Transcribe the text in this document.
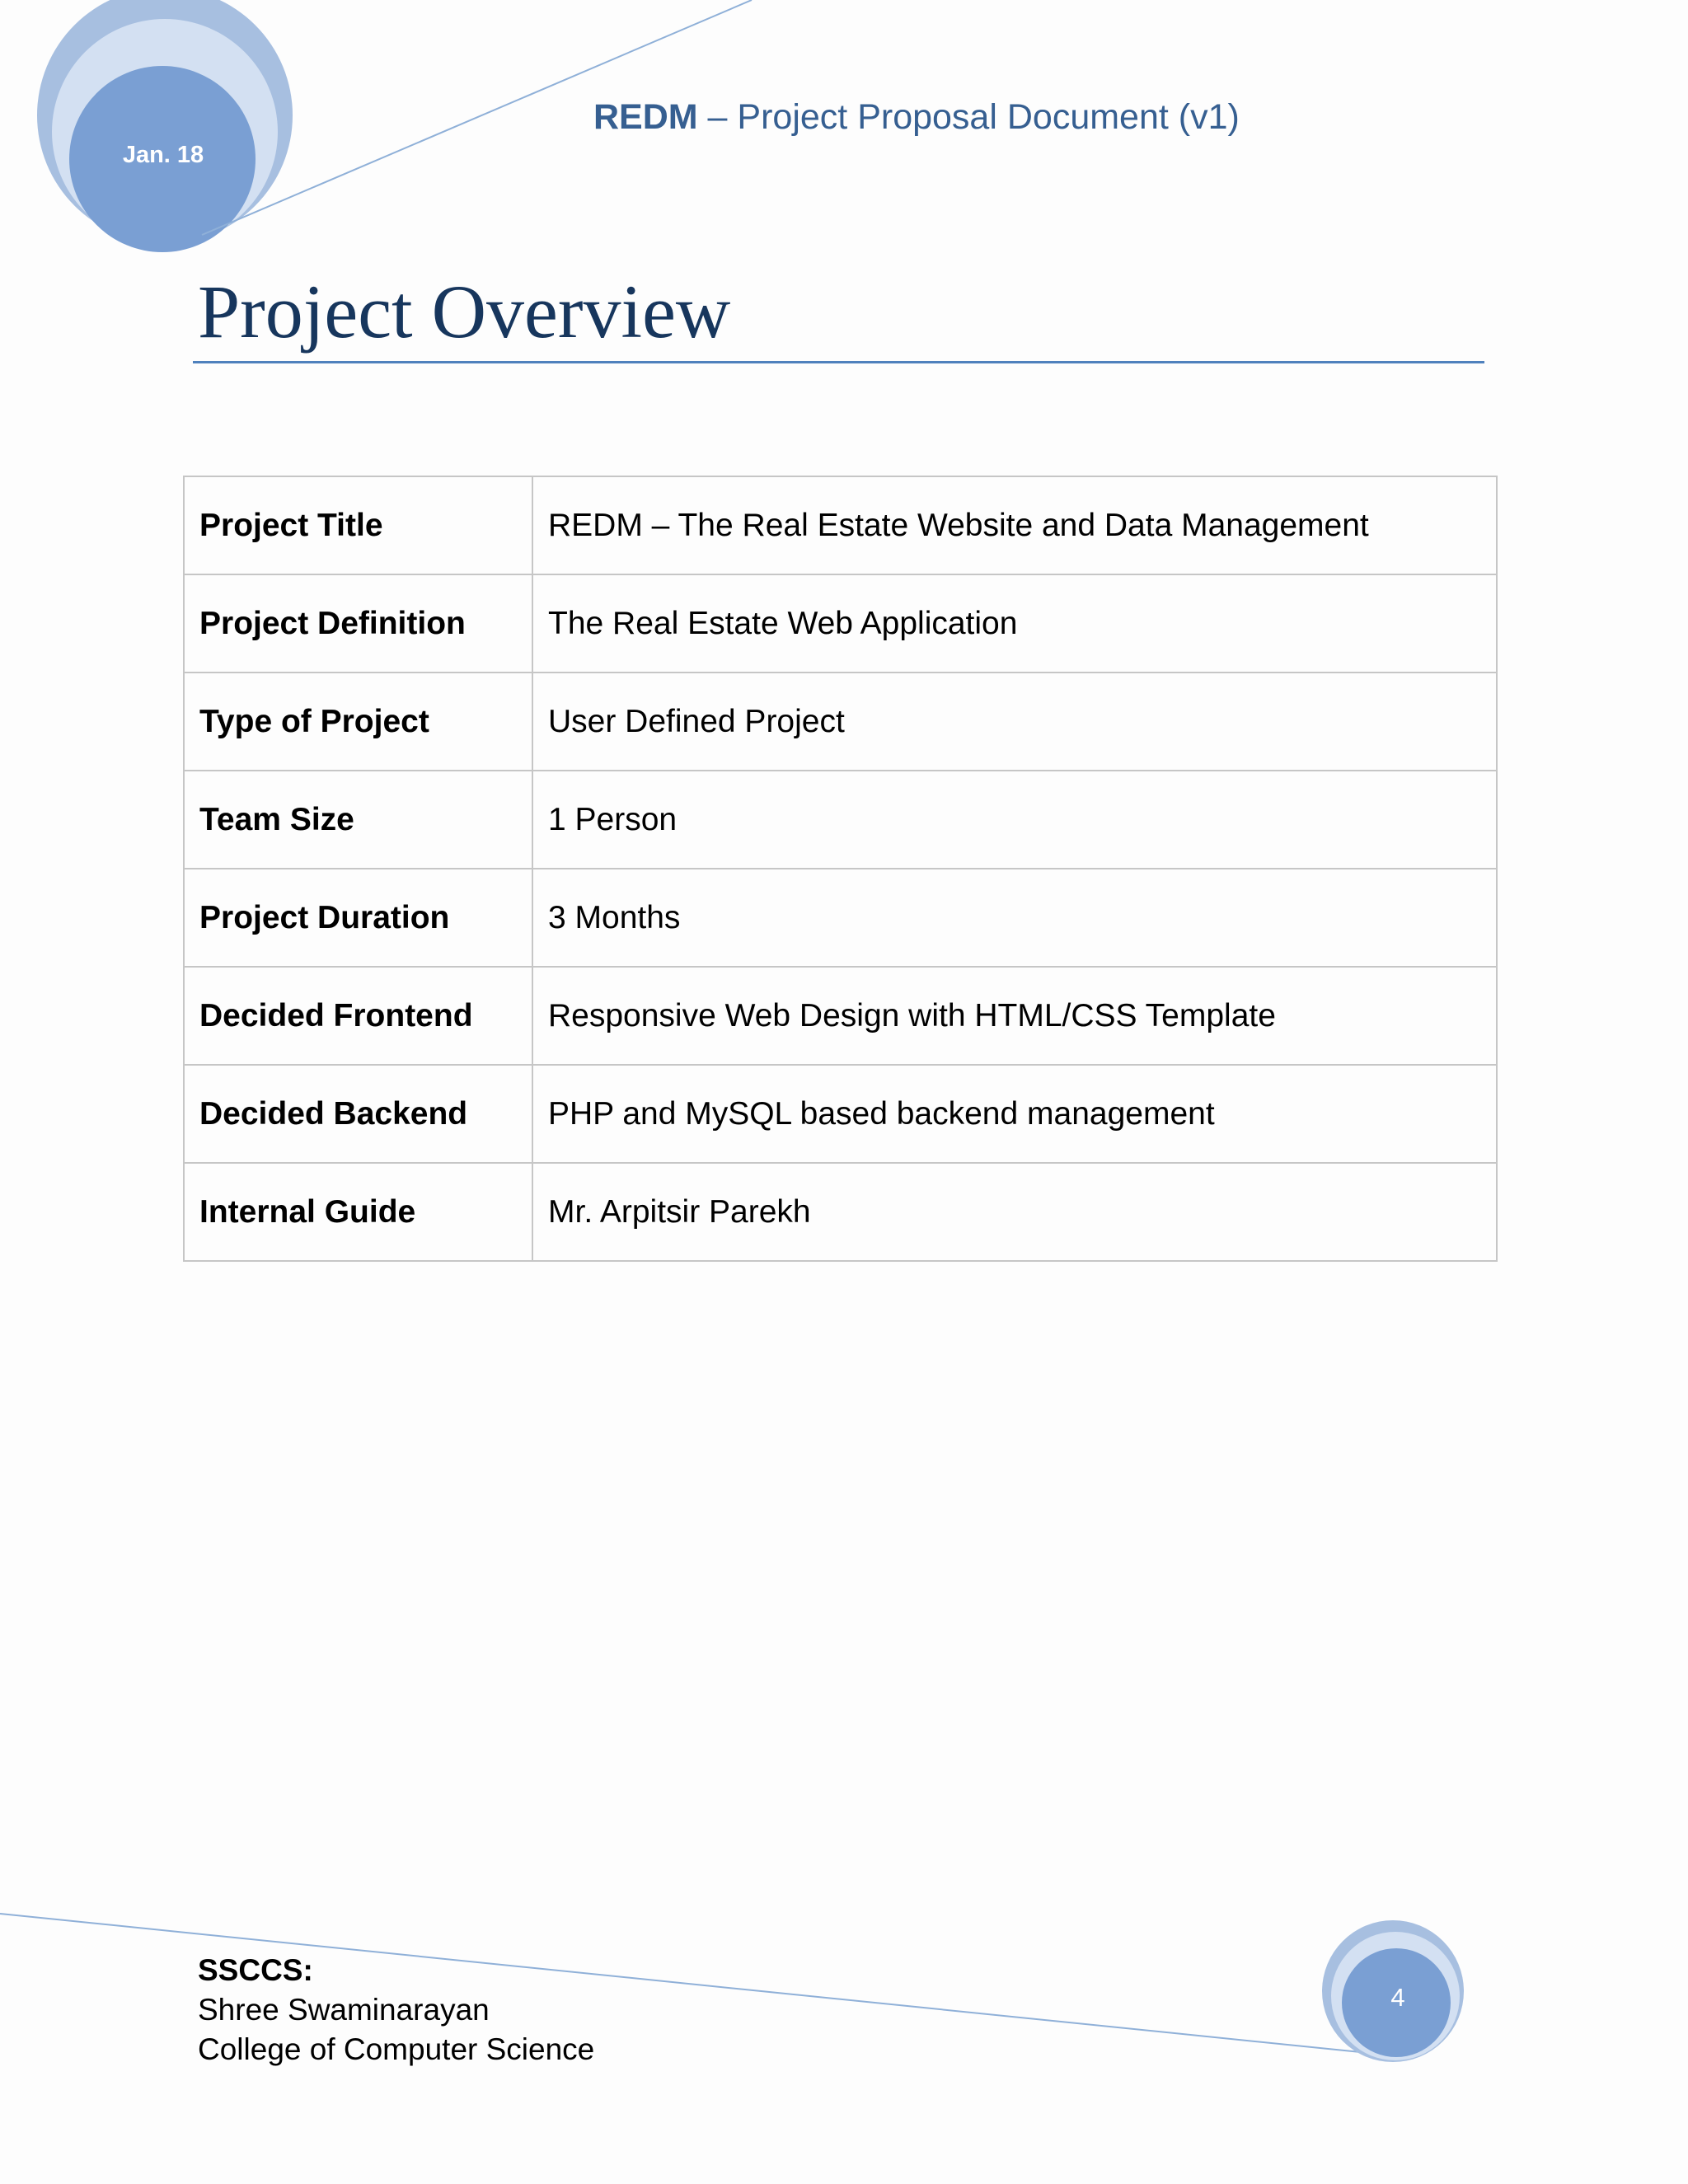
Jan. 18
REDM – Project Proposal Document (v1)
Project Overview
Project Title	REDM – The Real Estate Website and Data Management
Project Definition	The Real Estate Web Application
Type of Project	User Defined Project
Team Size	1 Person
Project Duration	3 Months
Decided Frontend	Responsive Web Design with HTML/CSS Template
Decided Backend	PHP and MySQL based backend management
Internal Guide	Mr. Arpitsir Parekh
SSCCS:
Shree Swaminarayan
College of Computer Science
4
